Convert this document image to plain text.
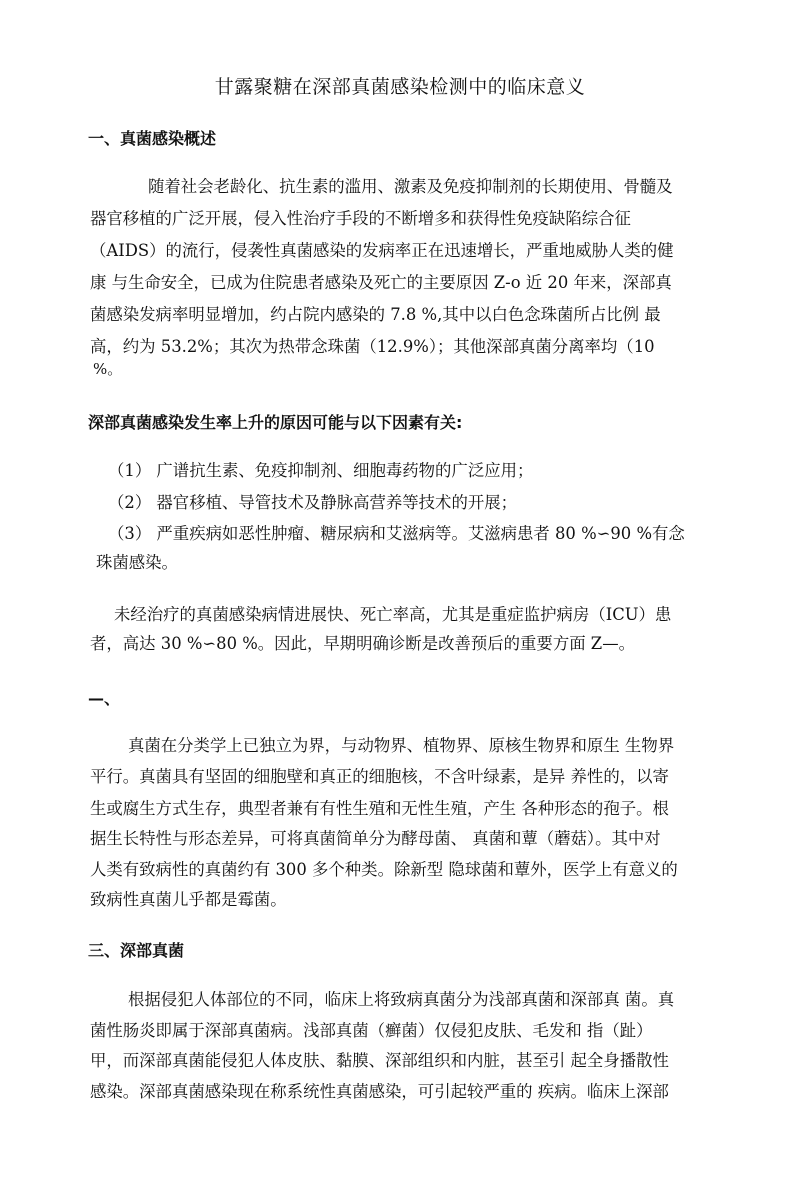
甘露聚糖在深部真菌感染检测中的临床意义
一、真菌感染概述
随着社会老龄化、抗生素的滥用、激素及免疫抑制剂的长期使用、骨髓及
器官移植的广泛开展，侵入性治疗手段的不断增多和获得性免疫缺陷综合征
（AIDS）的流行，侵袭性真菌感染的发病率正在迅速增长，严重地威胁人类的健
康 与生命安全，已成为住院患者感染及死亡的主要原因 Z-o 近 20 年来，深部真
菌感染发病率明显增加，约占院内感染的 7.8 %,其中以白色念珠菌所占比例 最
高，约为 53.2%；其次为热带念珠菌（12.9%）；其他深部真菌分离率均（10
%。
深部真菌感染发生率上升的原因可能与以下因素有关:
（1） 广谱抗生素、免疫抑制剂、细胞毒药物的广泛应用；
（2） 器官移植、导管技术及静脉高营养等技术的开展；
（3） 严重疾病如恶性肿瘤、糖尿病和艾滋病等。艾滋病患者 80 %∽90 %有念
珠菌感染。
未经治疗的真菌感染病情进展快、死亡率高，尤其是重症监护病房（ICU）患
者，高达 30 %∽80 %。因此，早期明确诊断是改善预后的重要方面 Z—。
—、
真菌在分类学上已独立为界，与动物界、植物界、原核生物界和原生 生物界
平行。真菌具有坚固的细胞壁和真正的细胞核，不含叶绿素，是异 养性的，以寄
生或腐生方式生存，典型者兼有有性生殖和无性生殖，产生 各种形态的孢子。根
据生长特性与形态差异，可将真菌简单分为酵母菌、 真菌和蕈（蘑菇）。其中对
人类有致病性的真菌约有 300 多个种类。除新型 隐球菌和蕈外，医学上有意义的
致病性真菌儿乎都是霉菌。
三、深部真菌
根据侵犯人体部位的不同，临床上将致病真菌分为浅部真菌和深部真 菌。真
菌性肠炎即属于深部真菌病。浅部真菌（癣菌）仅侵犯皮肤、毛发和 指（趾）
甲，而深部真菌能侵犯人体皮肤、黏膜、深部组织和内脏，甚至引 起全身播散性
感染。深部真菌感染现在称系统性真菌感染，可引起较严重的 疾病。临床上深部
